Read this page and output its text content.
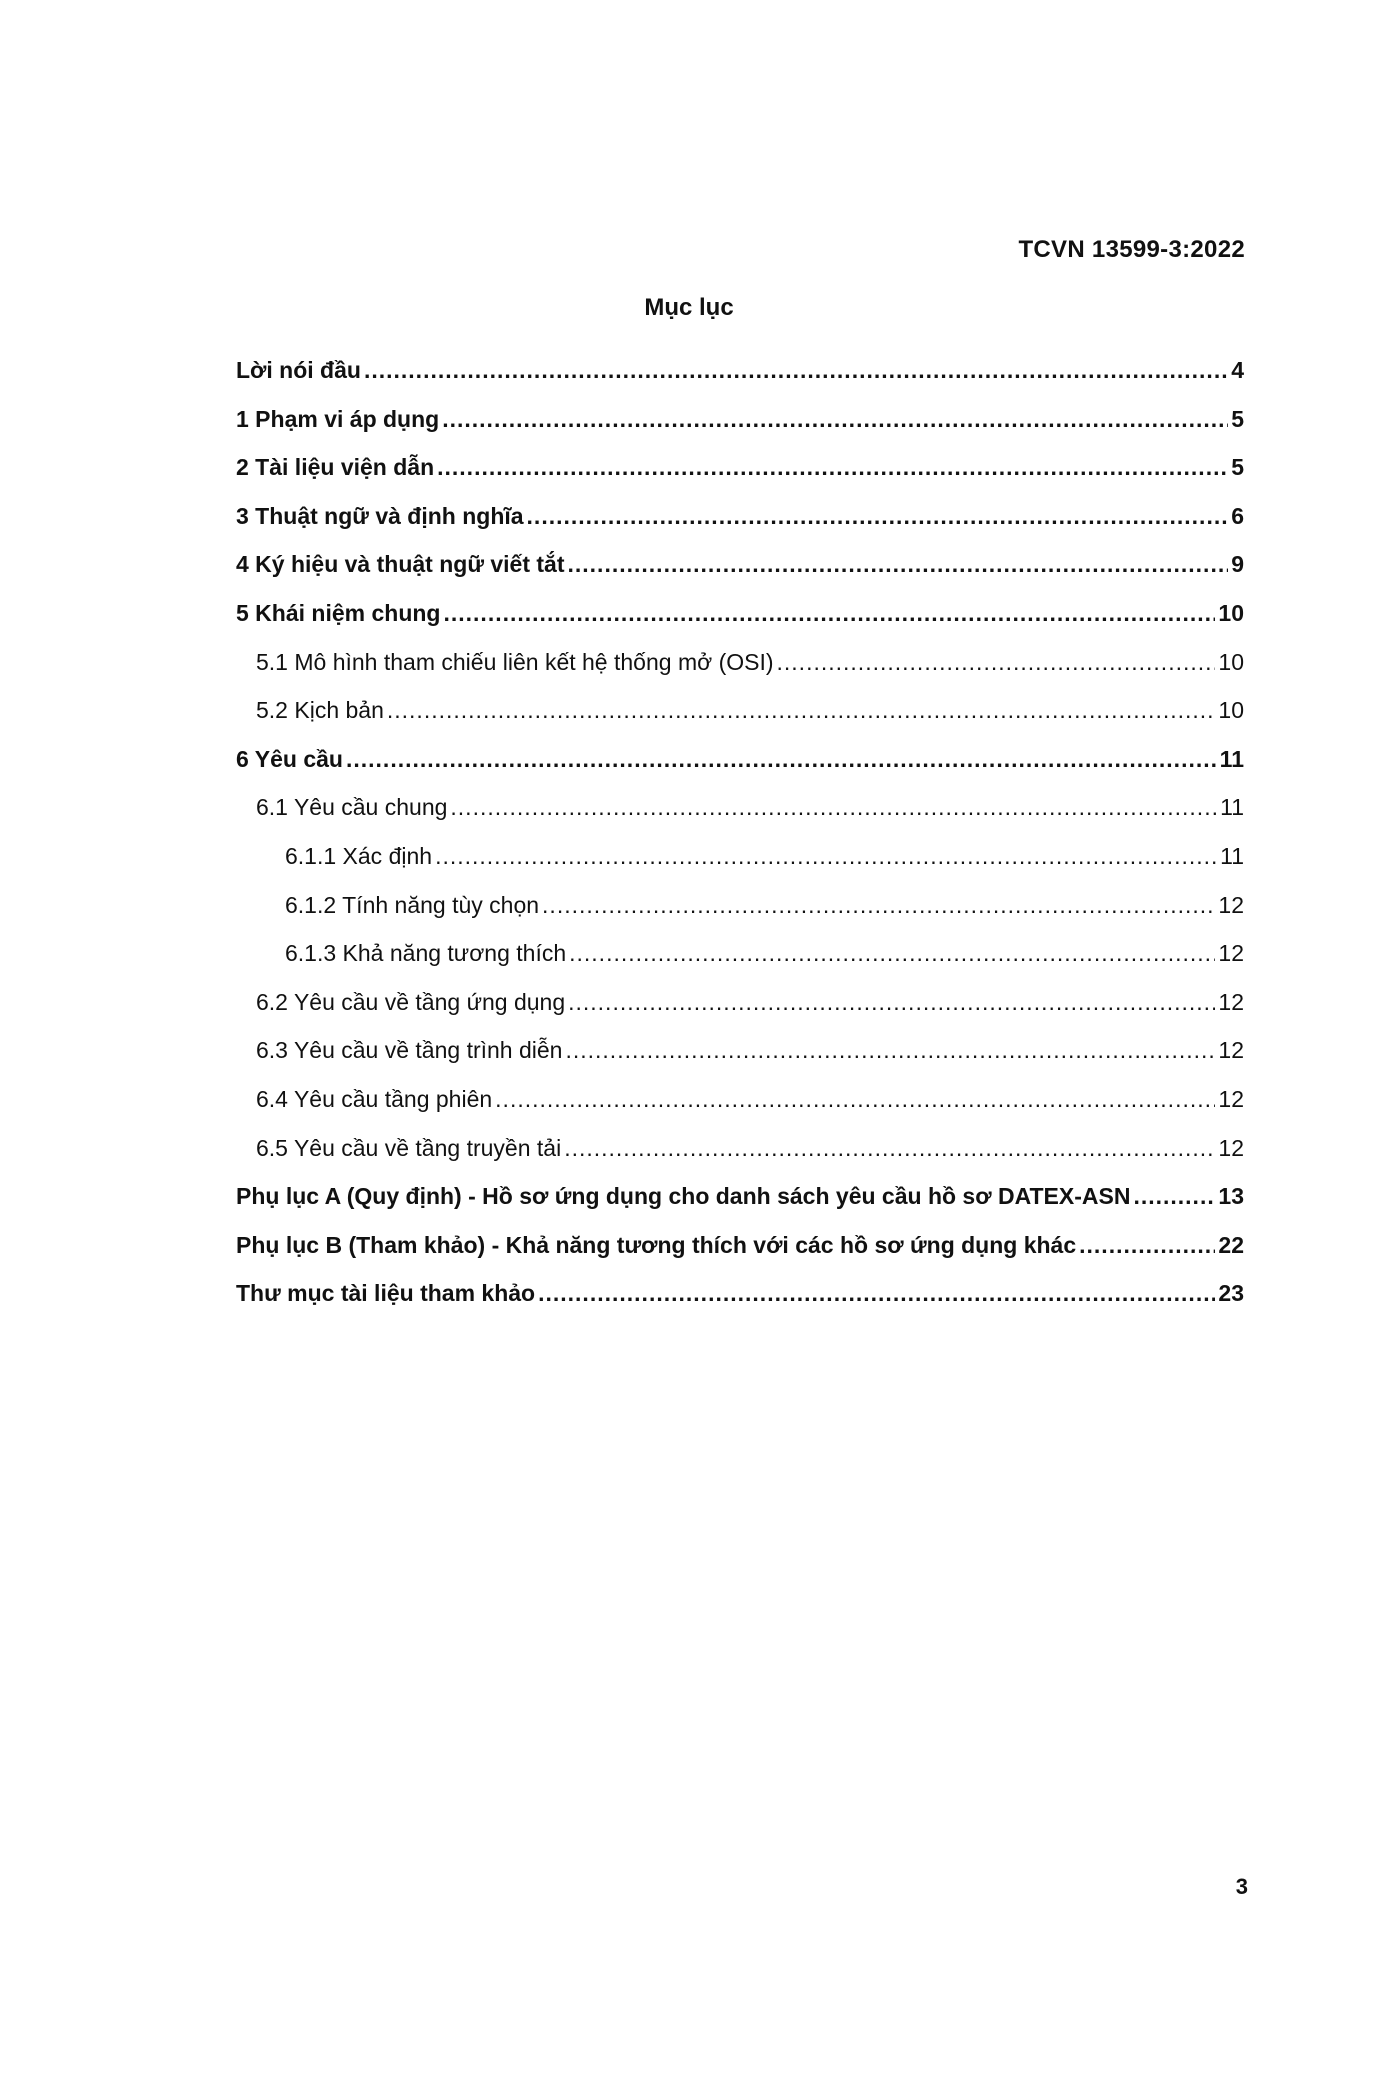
TCVN 13599-3:2022
Mục lục
Lời nói đầu .....	4
1 Phạm vi áp dụng .....	5
2 Tài liệu viện dẫn .....	5
3 Thuật ngữ và định nghĩa .....	6
4 Ký hiệu và thuật ngữ viết tắt .....	9
5 Khái niệm chung .....	10
5.1 Mô hình tham chiếu liên kết hệ thống mở (OSI) .....	10
5.2 Kịch bản .....	10
6 Yêu cầu .....	11
6.1 Yêu cầu chung .....	11
6.1.1 Xác định .....	11
6.1.2 Tính năng tùy chọn .....	12
6.1.3 Khả năng tương thích .....	12
6.2 Yêu cầu về tầng ứng dụng .....	12
6.3 Yêu cầu về tầng trình diễn .....	12
6.4 Yêu cầu tầng phiên .....	12
6.5 Yêu cầu về tầng truyền tải .....	12
Phụ lục A (Quy định) - Hồ sơ ứng dụng cho danh sách yêu cầu hồ sơ DATEX-ASN .....	13
Phụ lục B (Tham khảo) - Khả năng tương thích với các hồ sơ ứng dụng khác .....	22
Thư mục tài liệu tham khảo .....	23
3
